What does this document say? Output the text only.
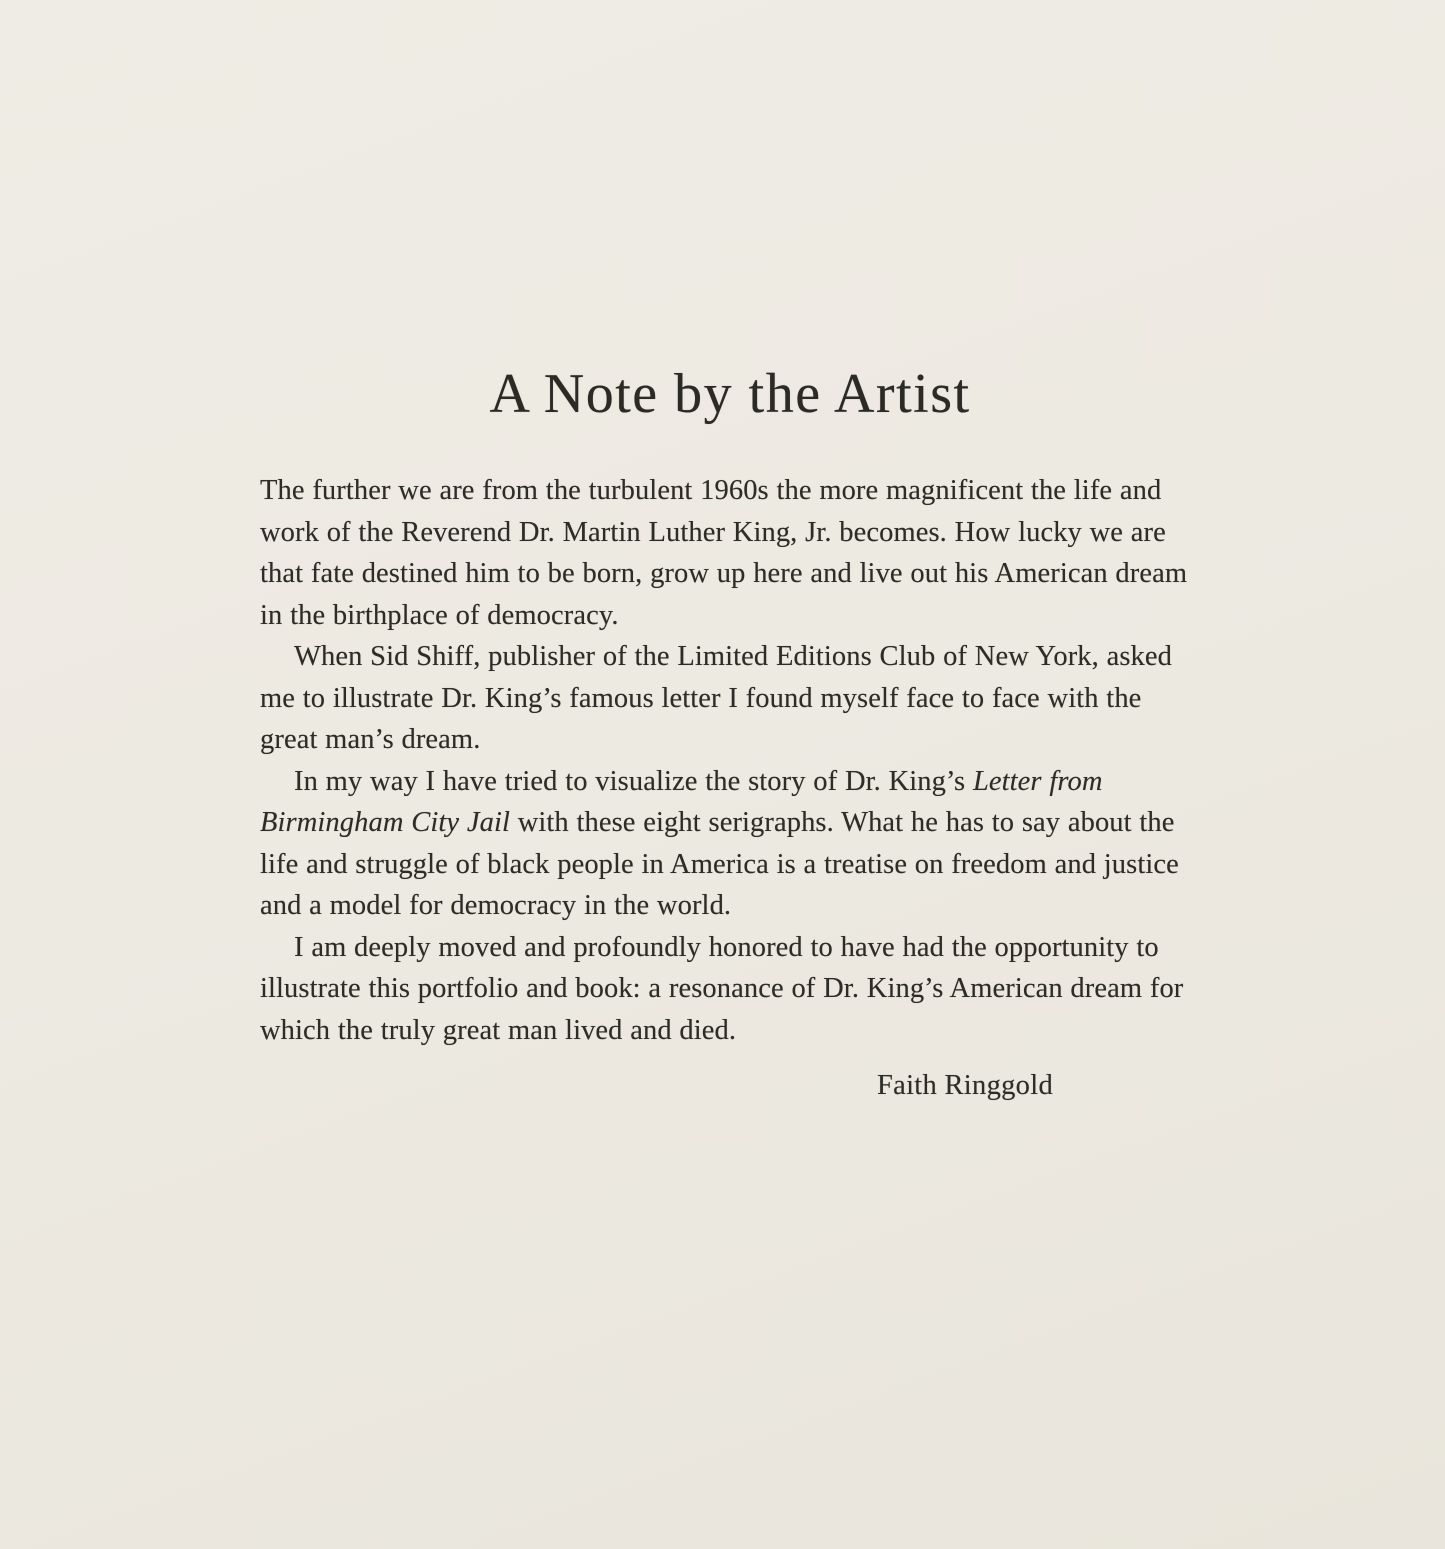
A Note by the Artist

The further we are from the turbulent 1960s the more magnificent the life and work of the Reverend Dr. Martin Luther King, Jr. becomes. How lucky we are that fate destined him to be born, grow up here and live out his American dream in the birthplace of democracy.

When Sid Shiff, publisher of the Limited Editions Club of New York, asked me to illustrate Dr. King’s famous letter I found myself face to face with the great man’s dream.

In my way I have tried to visualize the story of Dr. King’s Letter from Birmingham City Jail with these eight serigraphs. What he has to say about the life and struggle of black people in America is a treatise on freedom and justice and a model for democracy in the world.

I am deeply moved and profoundly honored to have had the opportunity to illustrate this portfolio and book: a resonance of Dr. King’s American dream for which the truly great man lived and died.

Faith Ringgold
